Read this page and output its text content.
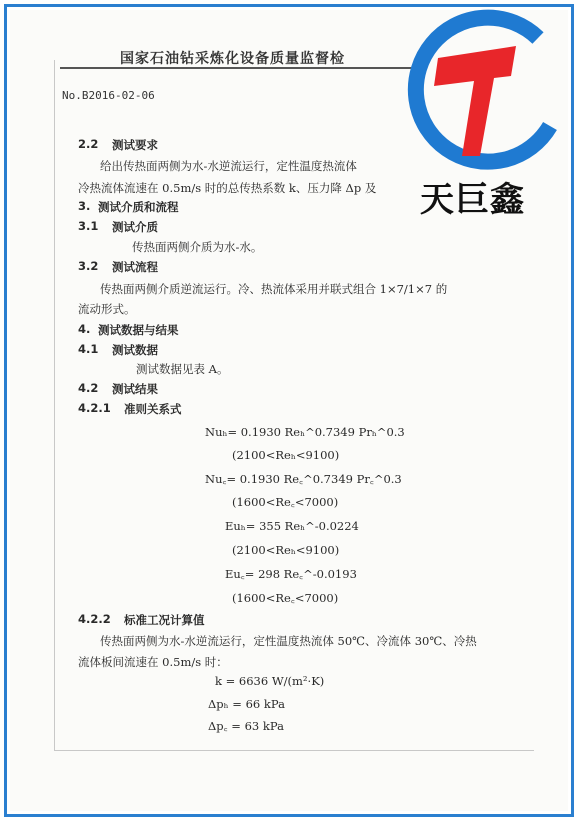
国家石油钻采炼化设备质量监督检
No.B2016-02-06
2.2 测试要求
给出传热面两侧为水-水逆流运行，定性温度热流体
冷热流体流速在 0.5m/s 时的总传热系数 k、压力降 Δp 及
3. 测试介质和流程
3.1 测试介质
传热面两侧介质为水-水。
3.2 测试流程
传热面两侧介质逆流运行。冷、热流体采用并联式组合 1×7/1×7 的
流动形式。
4. 测试数据与结果
4.1 测试数据
测试数据见表 A。
4.2 测试结果
4.2.1 准则关系式
Nuₕ= 0.1930 Reₕ^0.7349 Prₕ^0.3
(2100<Reₕ<9100)
Nu꜀= 0.1930 Re꜀^0.7349 Pr꜀^0.3
(1600<Re꜀<7000)
Euₕ= 355 Reₕ^-0.0224
(2100<Reₕ<9100)
Eu꜀= 298 Re꜀^-0.0193
(1600<Re꜀<7000)
4.2.2 标准工况计算值
传热面两侧为水-水逆流运行，定性温度热流体 50℃、冷流体 30℃、冷热
流体板间流速在 0.5m/s 时：
k = 6636 W/(m²·K)
Δpₕ = 66 kPa
Δp꜀ = 63 kPa
天巨鑫
